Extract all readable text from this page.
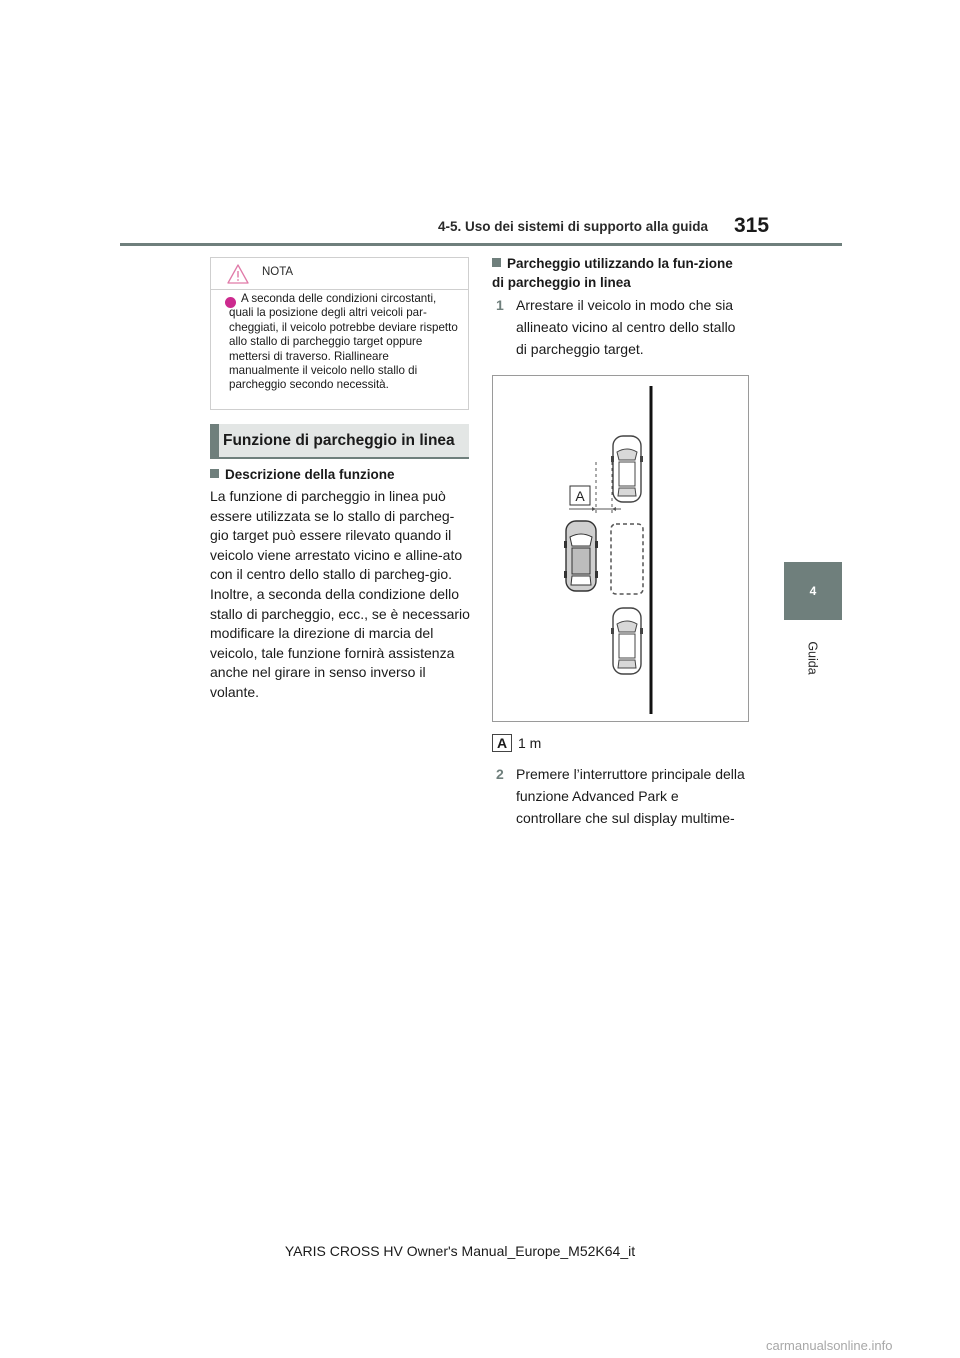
4-5. Uso dei sistemi di supporto alla guida 315
4
Guida
NOTA
A seconda delle condizioni circostanti, quali la posizione degli altri veicoli par-cheggiati, il veicolo potrebbe deviare rispetto allo stallo di parcheggio target oppure mettersi di traverso. Riallineare manualmente il veicolo nello stallo di parcheggio secondo necessità.
Funzione di parcheggio in linea
Descrizione della funzione
La funzione di parcheggio in linea può essere utilizzata se lo stallo di parcheg-gio target può essere rilevato quando il veicolo viene arrestato vicino e alline-ato con il centro dello stallo di parcheg-gio. Inoltre, a seconda della condizione dello stallo di parcheggio, ecc., se è necessario modificare la direzione di marcia del veicolo, tale funzione fornirà assistenza anche nel girare in senso inverso il volante.
Parcheggio utilizzando la fun-zione di parcheggio in linea
1 Arrestare il veicolo in modo che sia allineato vicino al centro dello stallo di parcheggio target.
A
A 1 m
2 Premere l’interruttore principale della funzione Advanced Park e controllare che sul display multime-
YARIS CROSS HV Owner's Manual_Europe_M52K64_it
carmanualsonline.info
